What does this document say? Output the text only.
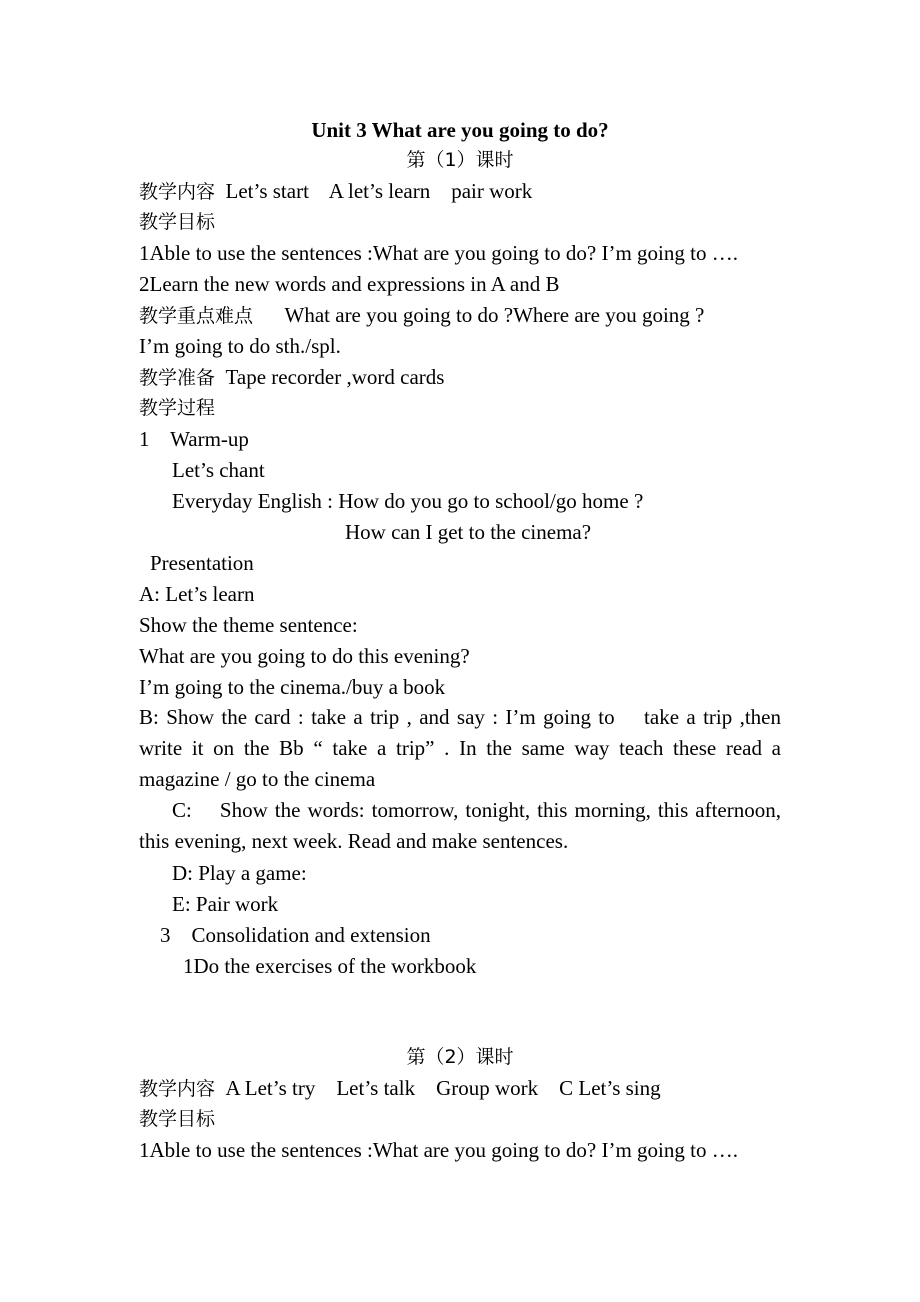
Unit 3 What are you going to do?
第（1）课时
教学内容 Let’s start    A let’s learn    pair work
教学目标
1Able to use the sentences :What are you going to do? I’m going to ….
2Learn the new words and expressions in A and B
教学重点难点 What are you going to do ?Where are you going ?
I’m going to do sth./spl.
教学准备 Tape recorder ,word cards
教学过程
1 Warm-up
Let’s chant
Everyday English : How do you go to school/go home ?
How can I get to the cinema?
Presentation
A: Let’s learn
Show the theme sentence:
What are you going to do this evening?
I’m going to the cinema./buy a book
B: Show the card : take a trip , and say : I’m going to    take a trip ,then
write it on the Bb “ take a trip” . In the same way teach these read a
magazine / go to the cinema
C:    Show the words: tomorrow, tonight, this morning, this afternoon,
this evening, next week. Read and make sentences.
D: Play a game:
E: Pair work
3 Consolidation and extension
1Do the exercises of the workbook
第（2）课时
教学内容 A Let’s try    Let’s talk    Group work    C Let’s sing
教学目标
1Able to use the sentences :What are you going to do? I’m going to ….
